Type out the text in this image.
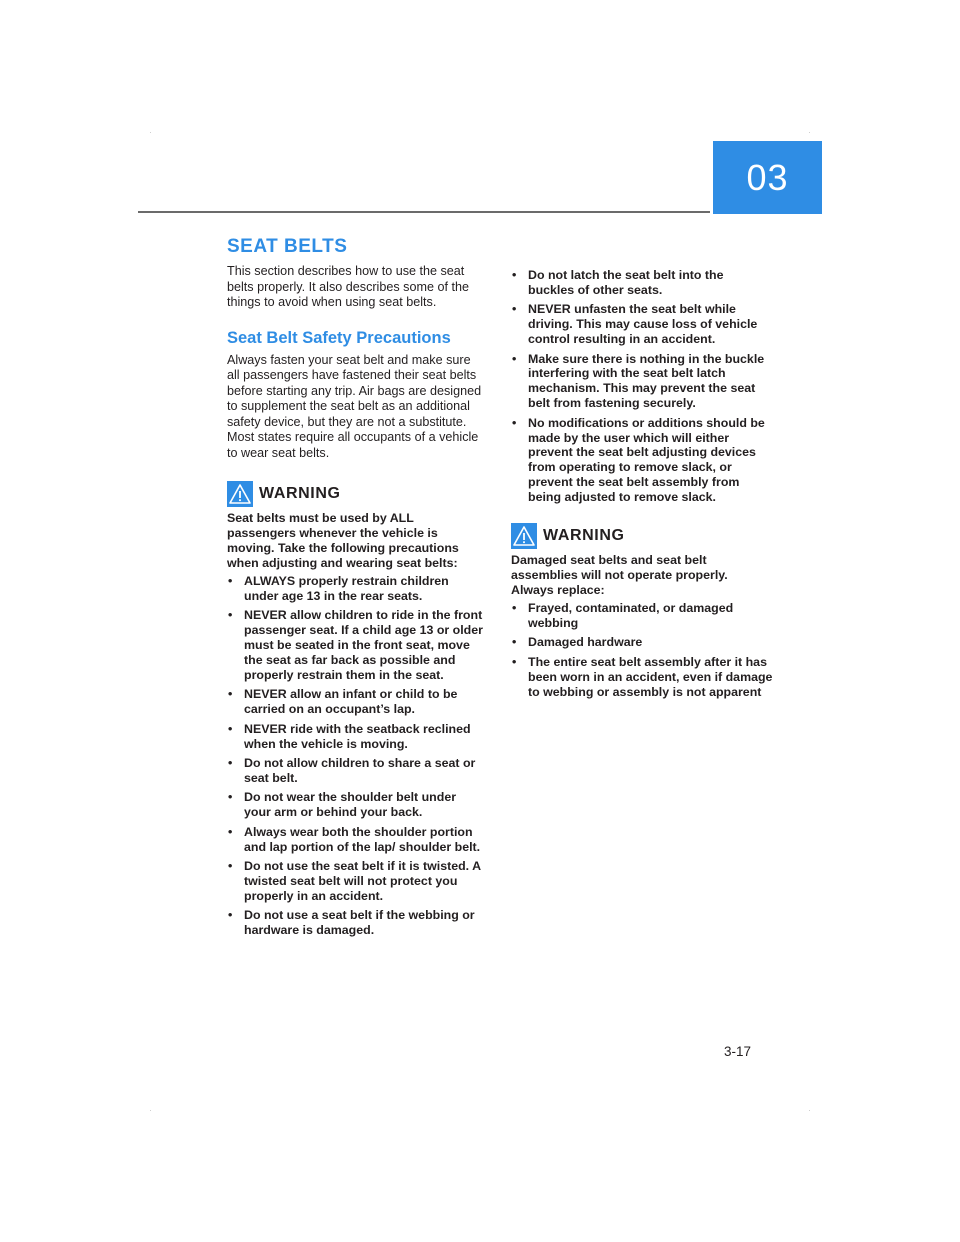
03
SEAT BELTS

This section describes how to use the seat belts properly. It also describes some of the things to avoid when using seat belts.

Seat Belt Safety Precautions

Always fasten your seat belt and make sure all passengers have fastened their seat belts before starting any trip. Air bags are designed to supplement the seat belt as an additional safety device, but they are not a substitute. Most states require all occupants of a vehicle to wear seat belts.

WARNING

Seat belts must be used by ALL passengers whenever the vehicle is moving. Take the following precautions when adjusting and wearing seat belts:

• ALWAYS properly restrain children under age 13 in the rear seats.
• NEVER allow children to ride in the front passenger seat. If a child age 13 or older must be seated in the front seat, move the seat as far back as possible and properly restrain them in the seat.
• NEVER allow an infant or child to be carried on an occupant’s lap.
• NEVER ride with the seatback reclined when the vehicle is moving.
• Do not allow children to share a seat or seat belt.
• Do not wear the shoulder belt under your arm or behind your back.
• Always wear both the shoulder portion and lap portion of the lap/ shoulder belt.
• Do not use the seat belt if it is twisted. A twisted seat belt will not protect you properly in an accident.
• Do not use a seat belt if the webbing or hardware is damaged.
• Do not latch the seat belt into the buckles of other seats.
• NEVER unfasten the seat belt while driving. This may cause loss of vehicle control resulting in an accident.
• Make sure there is nothing in the buckle interfering with the seat belt latch mechanism. This may prevent the seat belt from fastening securely.
• No modifications or additions should be made by the user which will either prevent the seat belt adjusting devices from operating to remove slack, or prevent the seat belt assembly from being adjusted to remove slack.
WARNING

Damaged seat belts and seat belt assemblies will not operate properly. Always replace:

• Frayed, contaminated, or damaged webbing
• Damaged hardware
• The entire seat belt assembly after it has been worn in an accident, even if damage to webbing or assembly is not apparent
3-17
